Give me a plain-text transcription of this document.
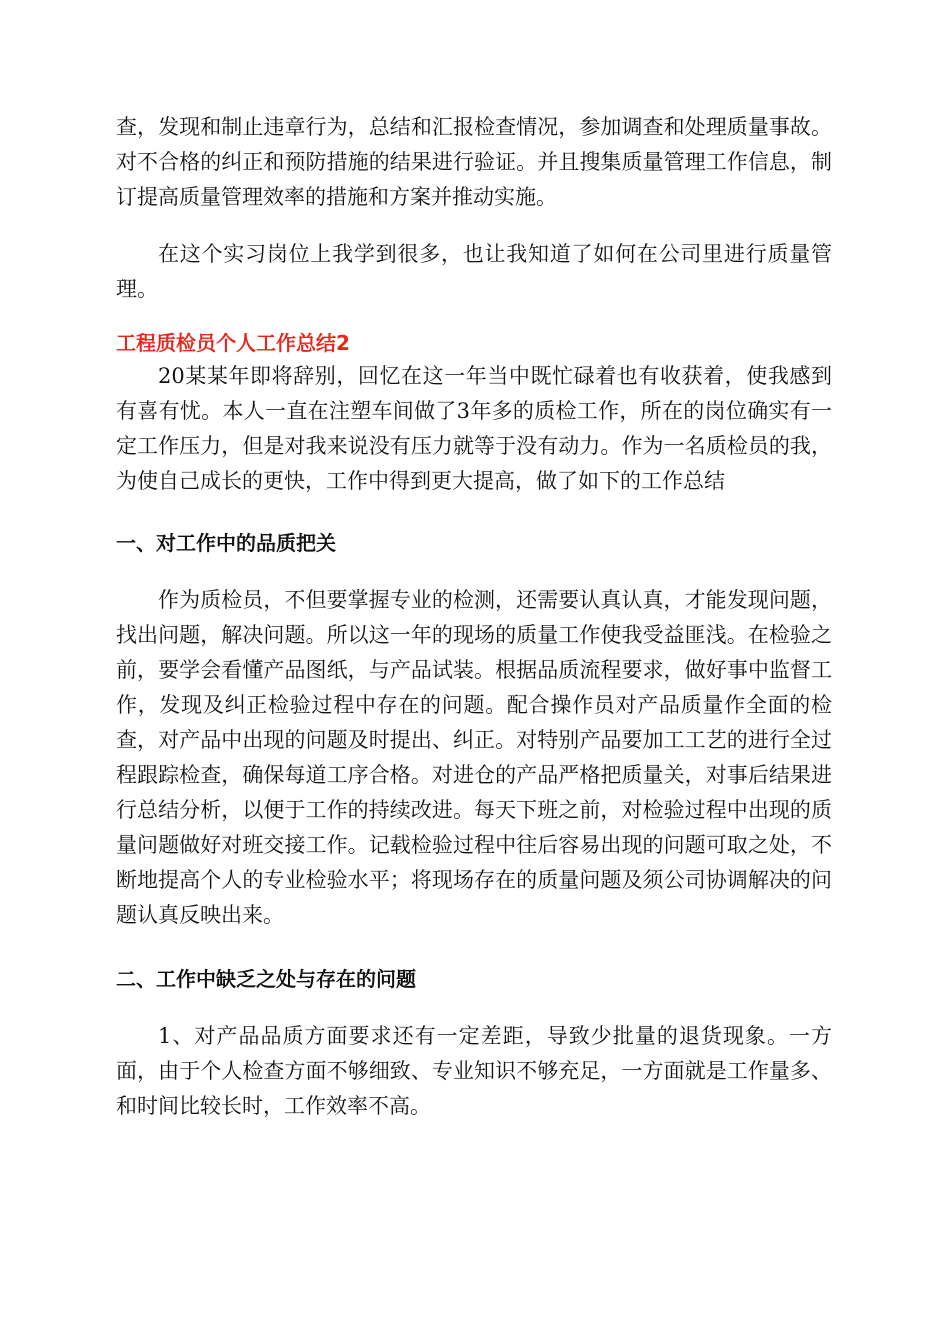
查，发现和制止违章行为，总结和汇报检查情况，参加调查和处理质量事故。对不合格的纠正和预防措施的结果进行验证。并且搜集质量管理工作信息，制订提高质量管理效率的措施和方案并推动实施。

在这个实习岗位上我学到很多，也让我知道了如何在公司里进行质量管理。

工程质检员个人工作总结2

20某某年即将辞别，回忆在这一年当中既忙碌着也有收获着，使我感到有喜有忧。本人一直在注塑车间做了3年多的质检工作，所在的岗位确实有一定工作压力，但是对我来说没有压力就等于没有动力。作为一名质检员的我，为使自己成长的更快，工作中得到更大提高，做了如下的工作总结

一、对工作中的品质把关

作为质检员，不但要掌握专业的检测，还需要认真认真，才能发现问题，找出问题，解决问题。所以这一年的现场的质量工作使我受益匪浅。在检验之前，要学会看懂产品图纸，与产品试装。根据品质流程要求，做好事中监督工作，发现及纠正检验过程中存在的问题。配合操作员对产品质量作全面的检查，对产品中出现的问题及时提出、纠正。对特别产品要加工工艺的进行全过程跟踪检查，确保每道工序合格。对进仓的产品严格把质量关，对事后结果进行总结分析，以便于工作的持续改进。每天下班之前，对检验过程中出现的质量问题做好对班交接工作。记载检验过程中往后容易出现的问题可取之处，不断地提高个人的专业检验水平；将现场存在的质量问题及须公司协调解决的问题认真反映出来。

二、工作中缺乏之处与存在的问题

1、对产品品质方面要求还有一定差距，导致少批量的退货现象。一方面，由于个人检查方面不够细致、专业知识不够充足，一方面就是工作量多、和时间比较长时，工作效率不高。
